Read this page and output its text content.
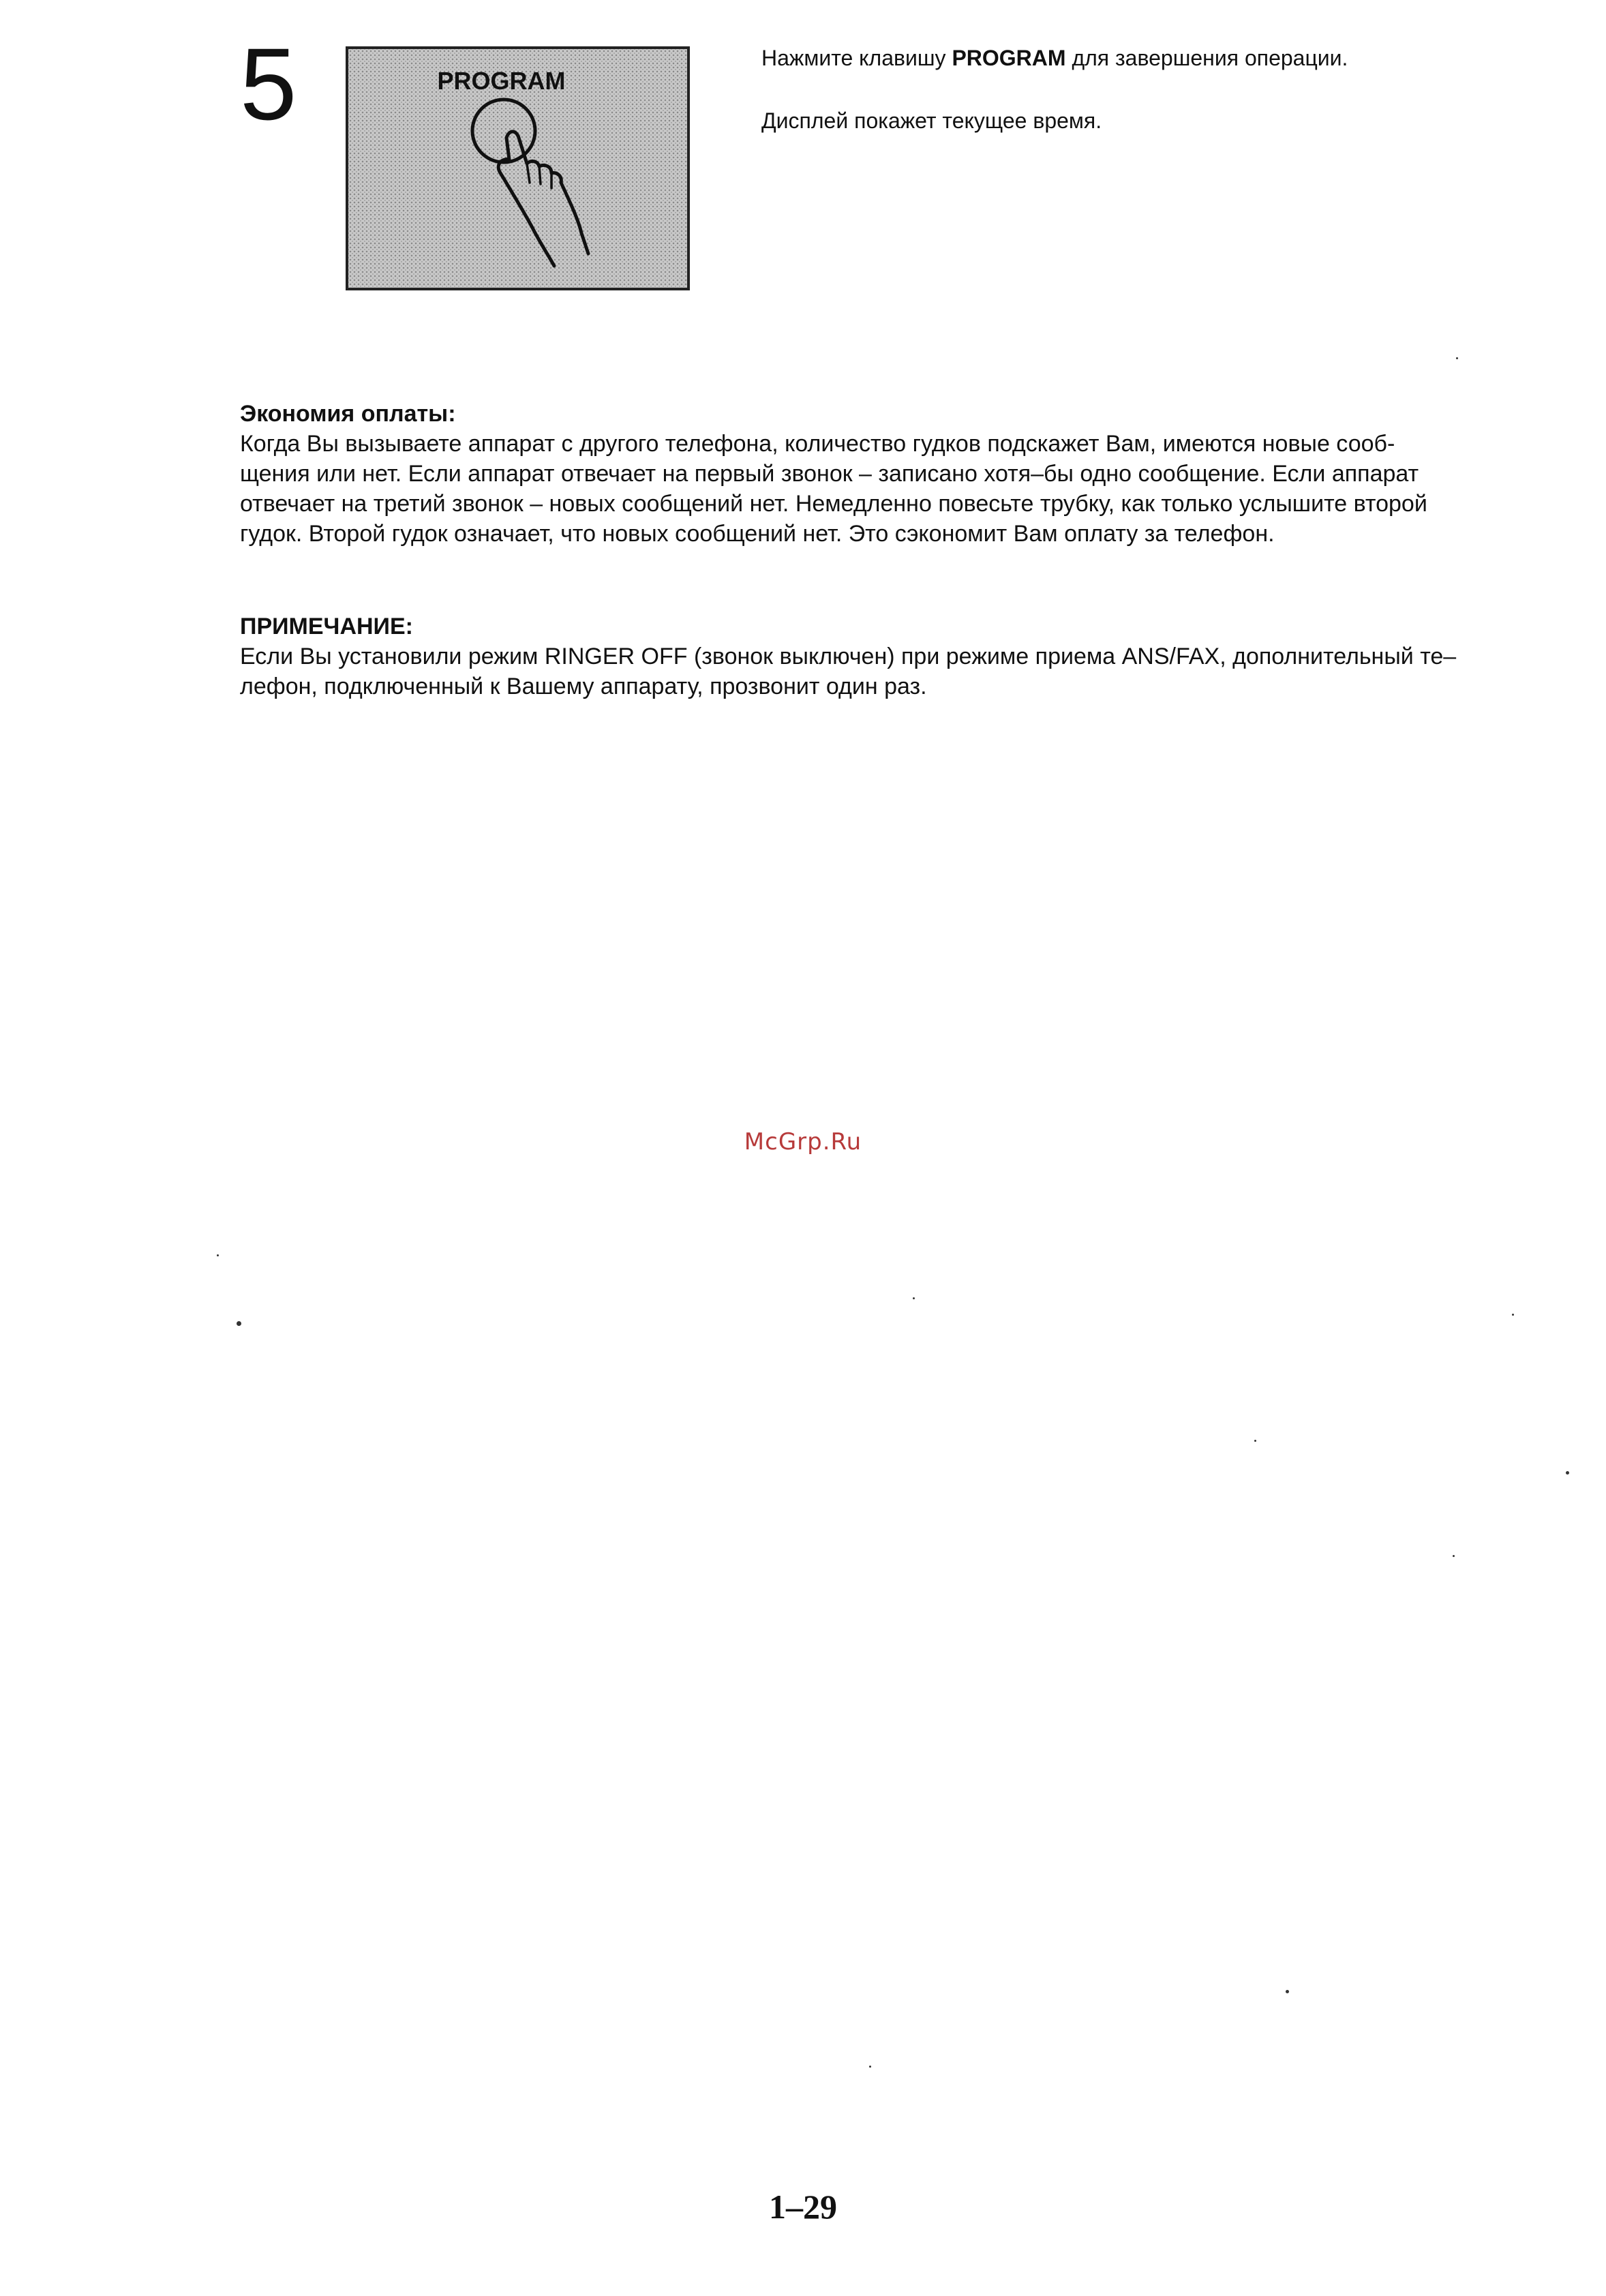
5	PROGRAM
Нажмите клавишу PROGRAM для завершения операции.
Дисплей покажет текущее время.
Экономия оплаты:
Когда Вы вызываете аппарат с другого телефона, количество гудков подскажет Вам, имеются новые сооб-
щения или нет. Если аппарат отвечает на первый звонок – записано хотя–бы одно сообщение. Если аппарат
отвечает на третий звонок – новых сообщений нет. Немедленно повесьте трубку, как только услышите второй
гудок. Второй гудок означает, что новых сообщений нет. Это сэкономит Вам оплату за телефон.
ПРИМЕЧАНИЕ:
Если Вы установили режим RINGER OFF (звонок выключен) при режиме приема ANS/FAX, дополнительный те–
лефон, подключенный к Вашему аппарату, прозвонит один раз.
McGrp.Ru
1–29
